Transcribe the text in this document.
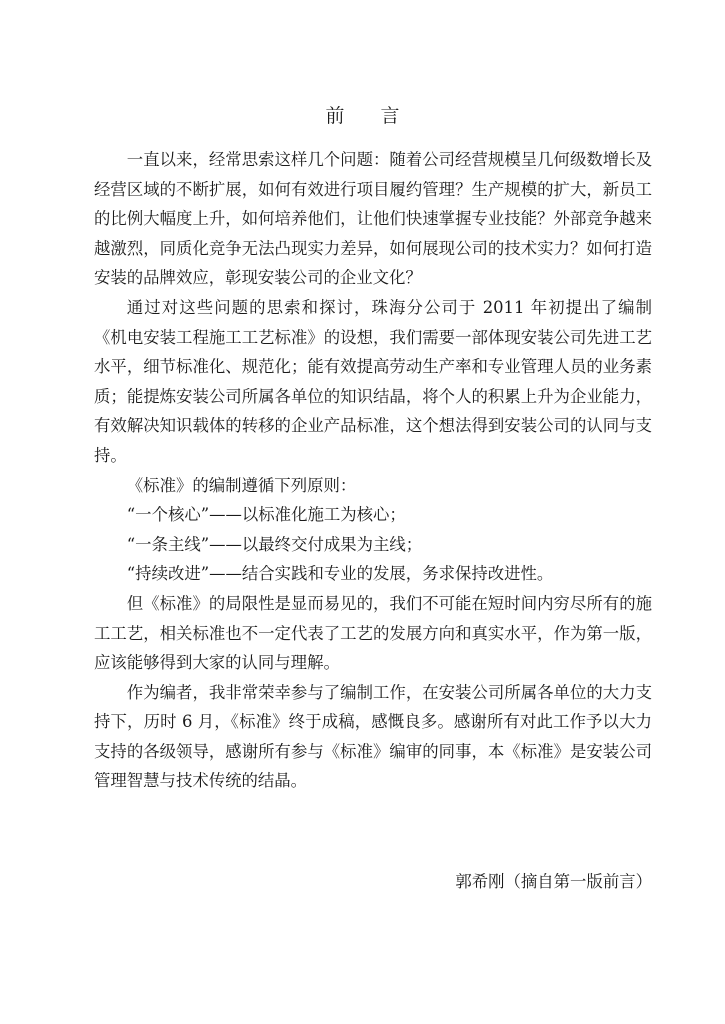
前 言

一直以来，经常思索这样几个问题：随着公司经营规模呈几何级数增长及经营区域的不断扩展，如何有效进行项目履约管理？生产规模的扩大，新员工的比例大幅度上升，如何培养他们，让他们快速掌握专业技能？外部竞争越来越激烈，同质化竞争无法凸现实力差异，如何展现公司的技术实力？如何打造安装的品牌效应，彰现安装公司的企业文化？

通过对这些问题的思索和探讨，珠海分公司于 2011 年初提出了编制《机电安装工程施工工艺标准》的设想，我们需要一部体现安装公司先进工艺水平，细节标准化、规范化；能有效提高劳动生产率和专业管理人员的业务素质；能提炼安装公司所属各单位的知识结晶，将个人的积累上升为企业能力，有效解决知识载体的转移的企业产品标准，这个想法得到安装公司的认同与支持。

《标准》的编制遵循下列原则：

“一个核心”——以标准化施工为核心；

“一条主线”——以最终交付成果为主线；

“持续改进”——结合实践和专业的发展，务求保持改进性。

但《标准》的局限性是显而易见的，我们不可能在短时间内穷尽所有的施工工艺，相关标准也不一定代表了工艺的发展方向和真实水平，作为第一版，应该能够得到大家的认同与理解。

作为编者，我非常荣幸参与了编制工作，在安装公司所属各单位的大力支持下，历时 6 月，《标准》终于成稿，感慨良多。感谢所有对此工作予以大力支持的各级领导，感谢所有参与《标准》编审的同事，本《标准》是安装公司管理智慧与技术传统的结晶。

郭希刚（摘自第一版前言）
